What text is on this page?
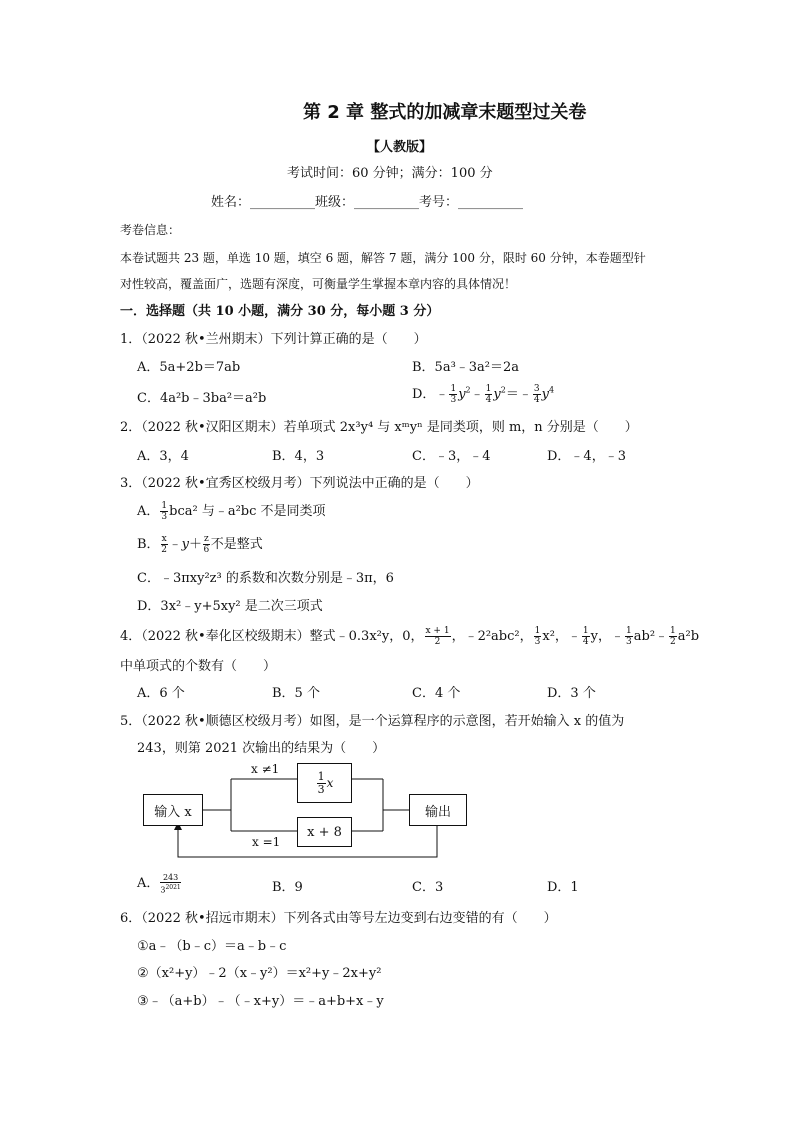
第 2 章 整式的加减章末题型过关卷
【人教版】
考试时间：60 分钟；满分：100 分
姓名：__________班级：__________考号：__________
考卷信息：
本卷试题共 23 题，单选 10 题，填空 6 题，解答 7 题，满分 100 分，限时 60 分钟，本卷题型针
对性较高，覆盖面广，选题有深度，可衡量学生掌握本章内容的具体情况！
一．选择题（共 10 小题，满分 30 分，每小题 3 分）
1．（2022 秋•兰州期末）下列计算正确的是（　　）
A．5a+2b＝7ab	B．5a³﹣3a²＝2a
C．4a²b﹣3ba²＝a²b	D．﹣ $\frac{1}{3}$ $y^2﹣ \frac{1}{4}$ $y^2=﹣ \frac{3}{4} y^4$
2．（2022 秋•汉阳区期末）若单项式 2x³y⁴ 与 xᵐyⁿ 是同类项，则 m，n 分别是（　　）
A．3，4	B．4，3	C．﹣3，﹣4	D．﹣4，﹣3
3．（2022 秋•宜秀区校级月考）下列说法中正确的是（　　）
A． $\frac{1}{3} bca^2$ 与﹣a²bc 不是同类项
B． $\frac{x}{2}$ ﹣y＋ $\frac{z}{6}$ 不是整式
C．﹣3πxy²z³ 的系数和次数分别是﹣3π，6
D．3x²﹣y+5xy² 是二次三项式
4．（2022 秋•奉化区校级期末）整式﹣0.3x²y，0， $\frac{x + 1}{2}$ ，﹣2²abc²， $\frac{1}{3} x^2$，﹣ $\frac{1}{4}$ y，﹣ $\frac{1}{3}$ ab²﹣ $\frac{1}{2} a^2b$
中单项式的个数有（　　）
A．6 个	B．5 个	C．4 个	D．3 个
5．（2022 秋•顺德区校级月考）如图，是一个运算程序的示意图，若开始输入 x 的值为
243，则第 2021 次输出的结果为（　　）
输入 x
$\frac{1}{3}$ x
x + 8
输出
x ≠1
x =1
A． $\frac{243}{3^{2021}}$	B．9	C．3	D．1
6．（2022 秋•招远市期末）下列各式由等号左边变到右边变错的有（　　）
①a﹣（b﹣c）＝a﹣b﹣c
②（x²+y）﹣2（x﹣y²）＝x²+y﹣2x+y²
③﹣（a+b）﹣（﹣x+y）＝﹣a+b+x﹣y
